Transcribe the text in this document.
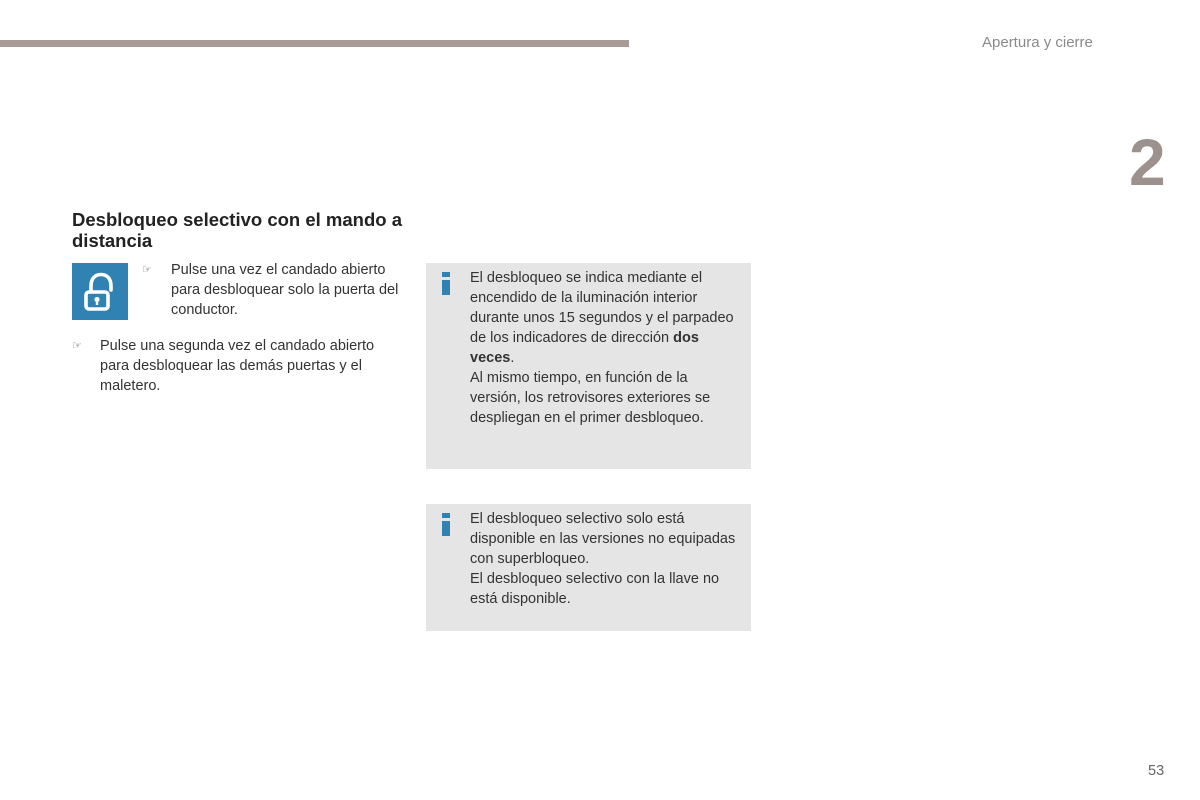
Apertura y cierre
2
Desbloqueo selectivo con el mando a distancia
☞ Pulse una vez el candado abierto para desbloquear solo la puerta del conductor.
☞ Pulse una segunda vez el candado abierto para desbloquear las demás puertas y el maletero.

El desbloqueo se indica mediante el encendido de la iluminación interior durante unos 15 segundos y el parpadeo de los indicadores de dirección dos veces.

Al mismo tiempo, en función de la versión, los retrovisores exteriores se despliegan en el primer desbloqueo.

El desbloqueo selectivo solo está disponible en las versiones no equipadas con superbloqueo.

El desbloqueo selectivo con la llave no está disponible.

53
